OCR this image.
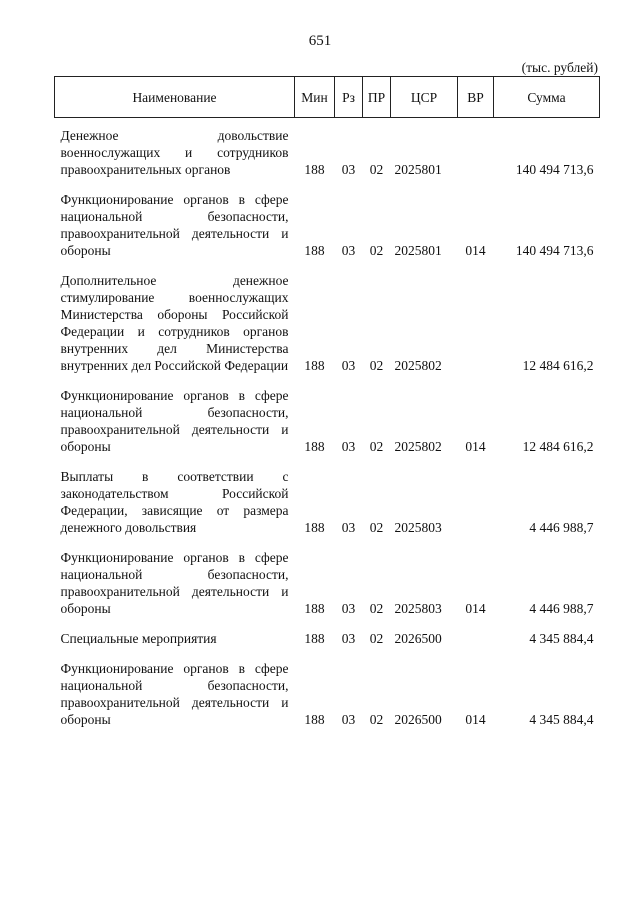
651
(тыс. рублей)
Наименование	Мин	Рз	ПР	ЦСР	ВР	Сумма
Денежное довольствие военнослужащих и сотрудников правоохранительных органов	188	03	02	2025801		140 494 713,6
Функционирование органов в сфере национальной безопасности, правоохранительной деятельности и обороны	188	03	02	2025801	014	140 494 713,6
Дополнительное денежное стимулирование военнослужащих Министерства обороны Российской Федерации и сотрудников органов внутренних дел Министерства внутренних дел Российской Федерации	188	03	02	2025802		12 484 616,2
Функционирование органов в сфере национальной безопасности, правоохранительной деятельности и обороны	188	03	02	2025802	014	12 484 616,2
Выплаты в соответствии с законодательством Российской Федерации, зависящие от размера денежного довольствия	188	03	02	2025803		4 446 988,7
Функционирование органов в сфере национальной безопасности, правоохранительной деятельности и обороны	188	03	02	2025803	014	4 446 988,7
Специальные мероприятия	188	03	02	2026500		4 345 884,4
Функционирование органов в сфере национальной безопасности, правоохранительной деятельности и обороны	188	03	02	2026500	014	4 345 884,4
